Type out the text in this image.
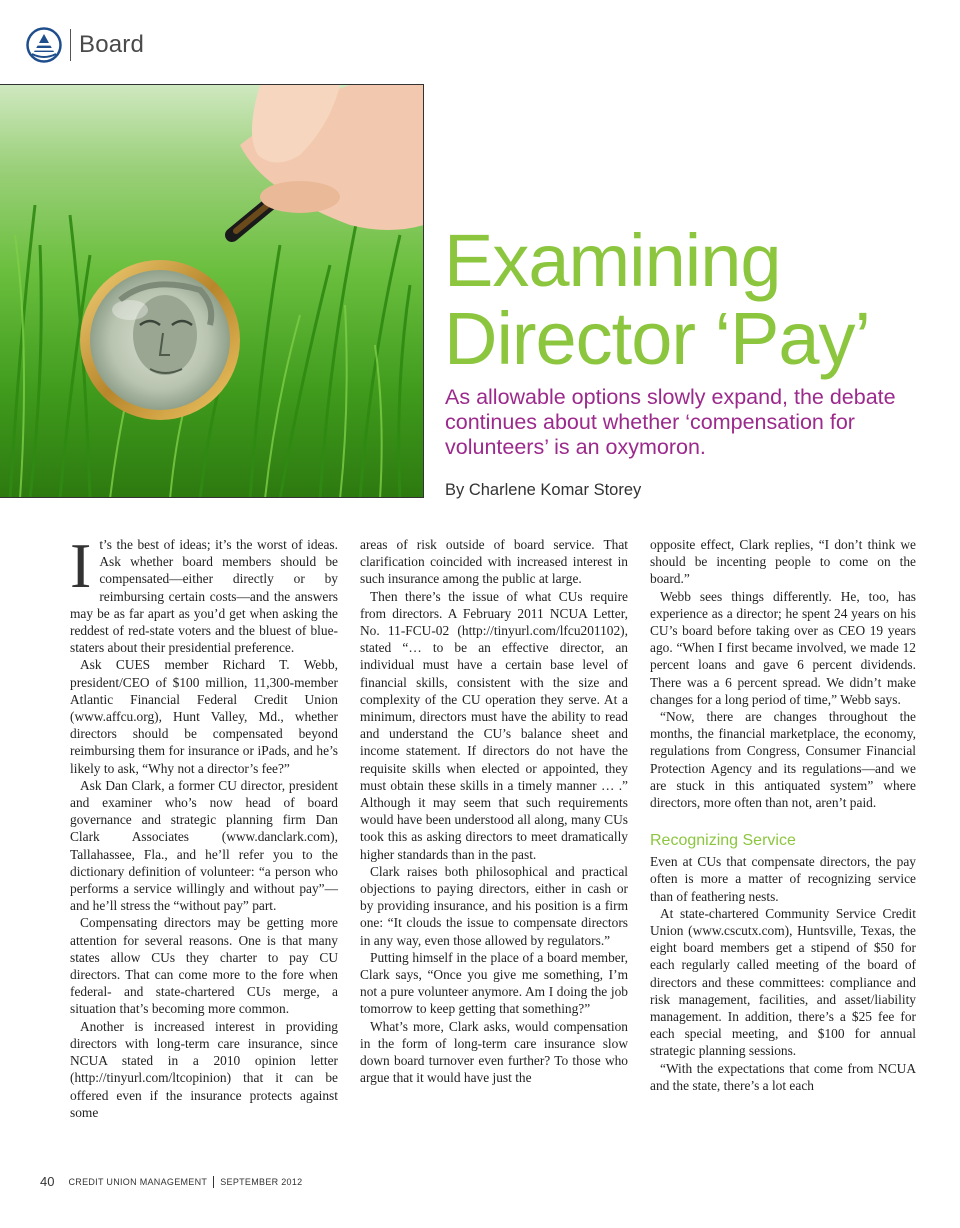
Board
Examining
Director ‘Pay’

As allowable options slowly expand, the debate continues about whether ‘compensation for volunteers’ is an oxymoron.

By Charlene Komar Storey

It’s the best of ideas; it’s the worst of ideas. Ask whether board members should be compensated—either directly or by reimbursing certain costs—and the answers may be as far apart as you’d get when asking the reddest of red-state voters and the bluest of blue-staters about their presidential preference.

Ask CUES member Richard T. Webb, president/CEO of $100 million, 11,300-member Atlantic Financial Federal Credit Union (www.affcu.org), Hunt Valley, Md., whether directors should be compensated beyond reimbursing them for insurance or iPads, and he’s likely to ask, “Why not a director’s fee?”

Ask Dan Clark, a former CU director, president and examiner who’s now head of board governance and strategic planning firm Dan Clark Associates (www.danclark.com), Tallahassee, Fla., and he’ll refer you to the dictionary definition of volunteer: “a person who performs a service willingly and without pay”—and he’ll stress the “without pay” part.

Compensating directors may be getting more attention for several reasons. One is that many states allow CUs they charter to pay CU directors. That can come more to the fore when federal- and state-chartered CUs merge, a situation that’s becoming more common.

Another is increased interest in providing directors with long-term care insurance, since NCUA stated in a 2010 opinion letter (http://tinyurl.com/ltcopinion) that it can be offered even if the insurance protects against some

areas of risk outside of board service. That clarification coincided with increased interest in such insurance among the public at large.

Then there’s the issue of what CUs require from directors. A February 2011 NCUA Letter, No. 11-FCU-02 (http://tinyurl.com/lfcu201102), stated “… to be an effective director, an individual must have a certain base level of financial skills, consistent with the size and complexity of the CU operation they serve. At a minimum, directors must have the ability to read and understand the CU’s balance sheet and income statement. If directors do not have the requisite skills when elected or appointed, they must obtain these skills in a timely manner … .” Although it may seem that such requirements would have been understood all along, many CUs took this as asking directors to meet dramatically higher standards than in the past.

Clark raises both philosophical and practical objections to paying directors, either in cash or by providing insurance, and his position is a firm one: “It clouds the issue to compensate directors in any way, even those allowed by regulators.”

Putting himself in the place of a board member, Clark says, “Once you give me something, I’m not a pure volunteer anymore. Am I doing the job tomorrow to keep getting that something?”

What’s more, Clark asks, would compensation in the form of long-term care insurance slow down board turnover even further? To those who argue that it would have just the

opposite effect, Clark replies, “I don’t think we should be incenting people to come on the board.”

Webb sees things differently. He, too, has experience as a director; he spent 24 years on his CU’s board before taking over as CEO 19 years ago. “When I first became involved, we made 12 percent loans and gave 6 percent dividends. There was a 6 percent spread. We didn’t make changes for a long period of time,” Webb says.

“Now, there are changes throughout the months, the financial marketplace, the economy, regulations from Congress, Consumer Financial Protection Agency and its regulations—and we are stuck in this antiquated system” where directors, more often than not, aren’t paid.

Recognizing Service

Even at CUs that compensate directors, the pay often is more a matter of recognizing service than of feathering nests.

At state-chartered Community Service Credit Union (www.cscutx.com), Huntsville, Texas, the eight board members get a stipend of $50 for each regularly called meeting of the board of directors and these committees: compliance and risk management, facilities, and asset/liability management. In addition, there’s a $25 fee for each special meeting, and $100 for annual strategic planning sessions.

“With the expectations that come from NCUA and the state, there’s a lot each

40 CREDIT UNION MANAGEMENT SEPTEMBER 2012
